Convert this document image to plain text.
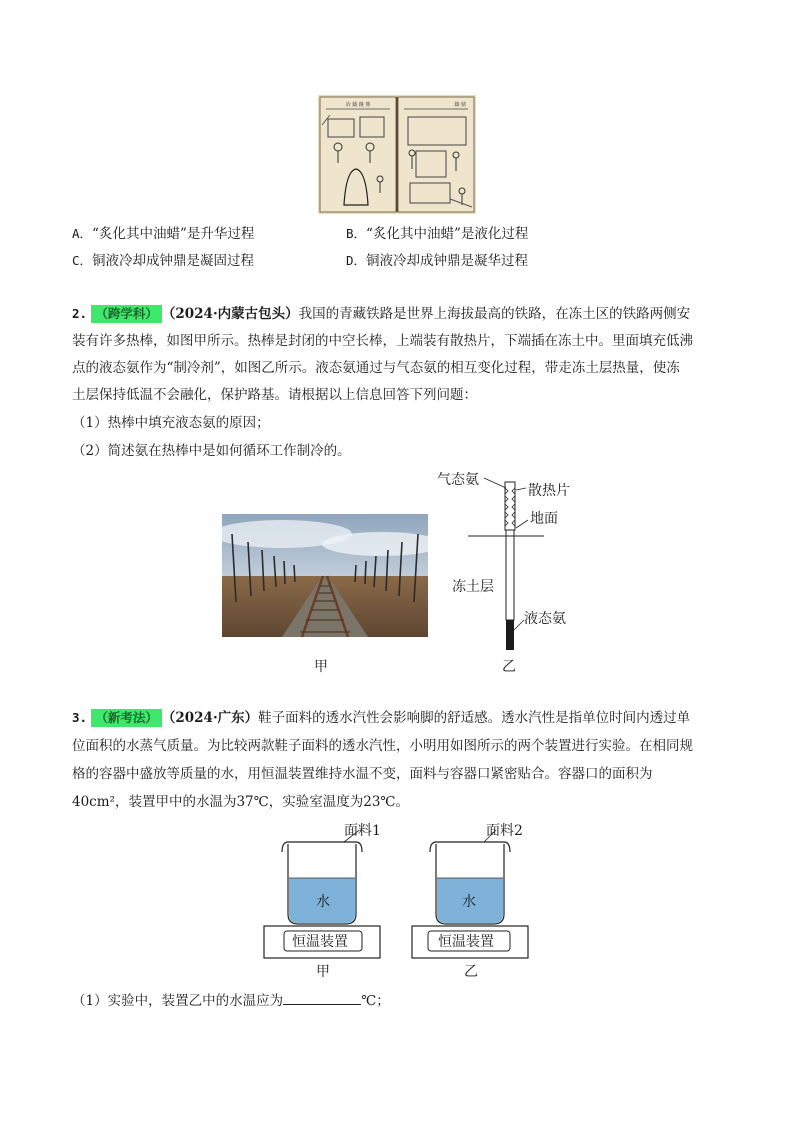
冶 鑄 鐘 鼎	鑄 鼎
A．“炙化其中油蜡”是升华过程	B．“炙化其中油蜡”是液化过程
C．铜液冷却成钟鼎是凝固过程	D．铜液冷却成钟鼎是凝华过程
2. （跨学科） （2024·内蒙古包头）我国的青藏铁路是世界上海拔最高的铁路，在冻土区的铁路两侧安
装有许多热棒，如图甲所示。热棒是封闭的中空长棒，上端装有散热片，下端插在冻土中。里面填充低沸
点的液态氨作为“制冷剂”，如图乙所示。液态氨通过与气态氨的相互变化过程，带走冻土层热量，使冻
土层保持低温不会融化，保护路基。请根据以上信息回答下列问题：
（1）热棒中填充液态氨的原因；
（2）简述氨在热棒中是如何循环工作制冷的。
甲
气态氨
散热片
地面
冻土层
液态氨
乙
3. （新考法） （2024·广东）鞋子面料的透水汽性会影响脚的舒适感。透水汽性是指单位时间内透过单
位面积的水蒸气质量。为比较两款鞋子面料的透水汽性，小明用如图所示的两个装置进行实验。在相同规
格的容器中盛放等质量的水，用恒温装置维持水温不变，面料与容器口紧密贴合。容器口的面积为
40cm²，装置甲中的水温为37℃，实验室温度为23℃。
面料1
水
恒温装置
甲
面料2
水
恒温装置
乙
（1）实验中，装置乙中的水温应为	℃；
